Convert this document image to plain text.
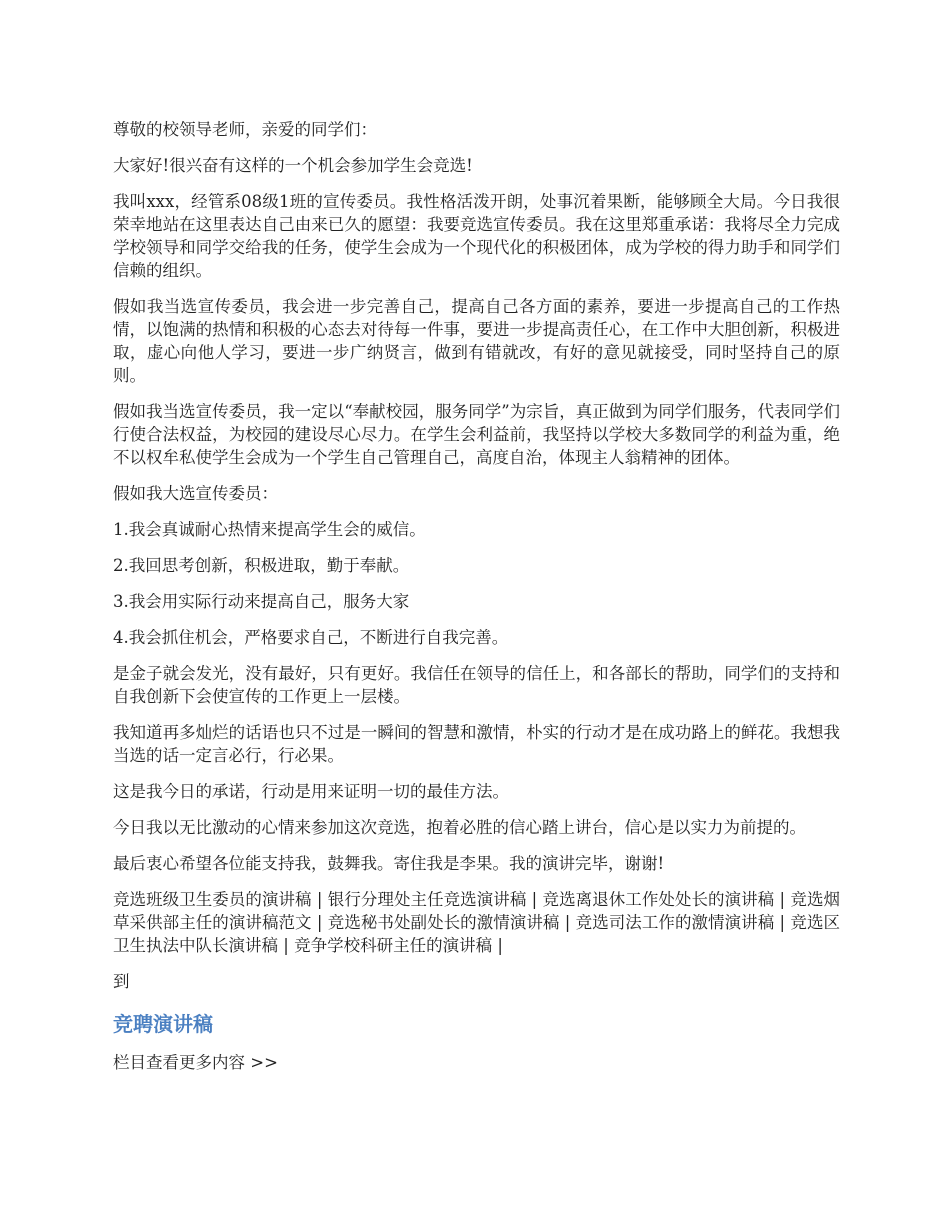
尊敬的校领导老师，亲爱的同学们：

大家好!很兴奋有这样的一个机会参加学生会竞选!

我叫xxx，经管系08级1班的宣传委员。我性格活泼开朗，处事沉着果断，能够顾全大局。今日我很荣幸地站在这里表达自己由来已久的愿望：我要竞选宣传委员。我在这里郑重承诺：我将尽全力完成学校领导和同学交给我的任务，使学生会成为一个现代化的积极团体，成为学校的得力助手和同学们信赖的组织。

假如我当选宣传委员，我会进一步完善自己，提高自己各方面的素养，要进一步提高自己的工作热情，以饱满的热情和积极的心态去对待每一件事，要进一步提高责任心，在工作中大胆创新，积极进取，虚心向他人学习，要进一步广纳贤言，做到有错就改，有好的意见就接受，同时坚持自己的原则。

假如我当选宣传委员，我一定以“奉献校园，服务同学”为宗旨，真正做到为同学们服务，代表同学们行使合法权益，为校园的建设尽心尽力。在学生会利益前，我坚持以学校大多数同学的利益为重，绝不以权牟私使学生会成为一个学生自己管理自己，高度自治，体现主人翁精神的团体。

假如我大选宣传委员：

1.我会真诚耐心热情来提高学生会的威信。

2.我回思考创新，积极进取，勤于奉献。

3.我会用实际行动来提高自己，服务大家

4.我会抓住机会，严格要求自己，不断进行自我完善。

是金子就会发光，没有最好，只有更好。我信任在领导的信任上，和各部长的帮助，同学们的支持和自我创新下会使宣传的工作更上一层楼。

我知道再多灿烂的话语也只不过是一瞬间的智慧和激情，朴实的行动才是在成功路上的鲜花。我想我当选的话一定言必行，行必果。

这是我今日的承诺，行动是用来证明一切的最佳方法。

今日我以无比激动的心情来参加这次竞选，抱着必胜的信心踏上讲台，信心是以实力为前提的。

最后衷心希望各位能支持我，鼓舞我。寄住我是李果。我的演讲完毕，谢谢!

竞选班级卫生委员的演讲稿 | 银行分理处主任竞选演讲稿 | 竞选离退休工作处处长的演讲稿 | 竞选烟草采供部主任的演讲稿范文 | 竞选秘书处副处长的激情演讲稿 | 竞选司法工作的激情演讲稿 | 竞选区卫生执法中队长演讲稿 | 竞争学校科研主任的演讲稿 |

到

竞聘演讲稿

栏目查看更多内容 >>
